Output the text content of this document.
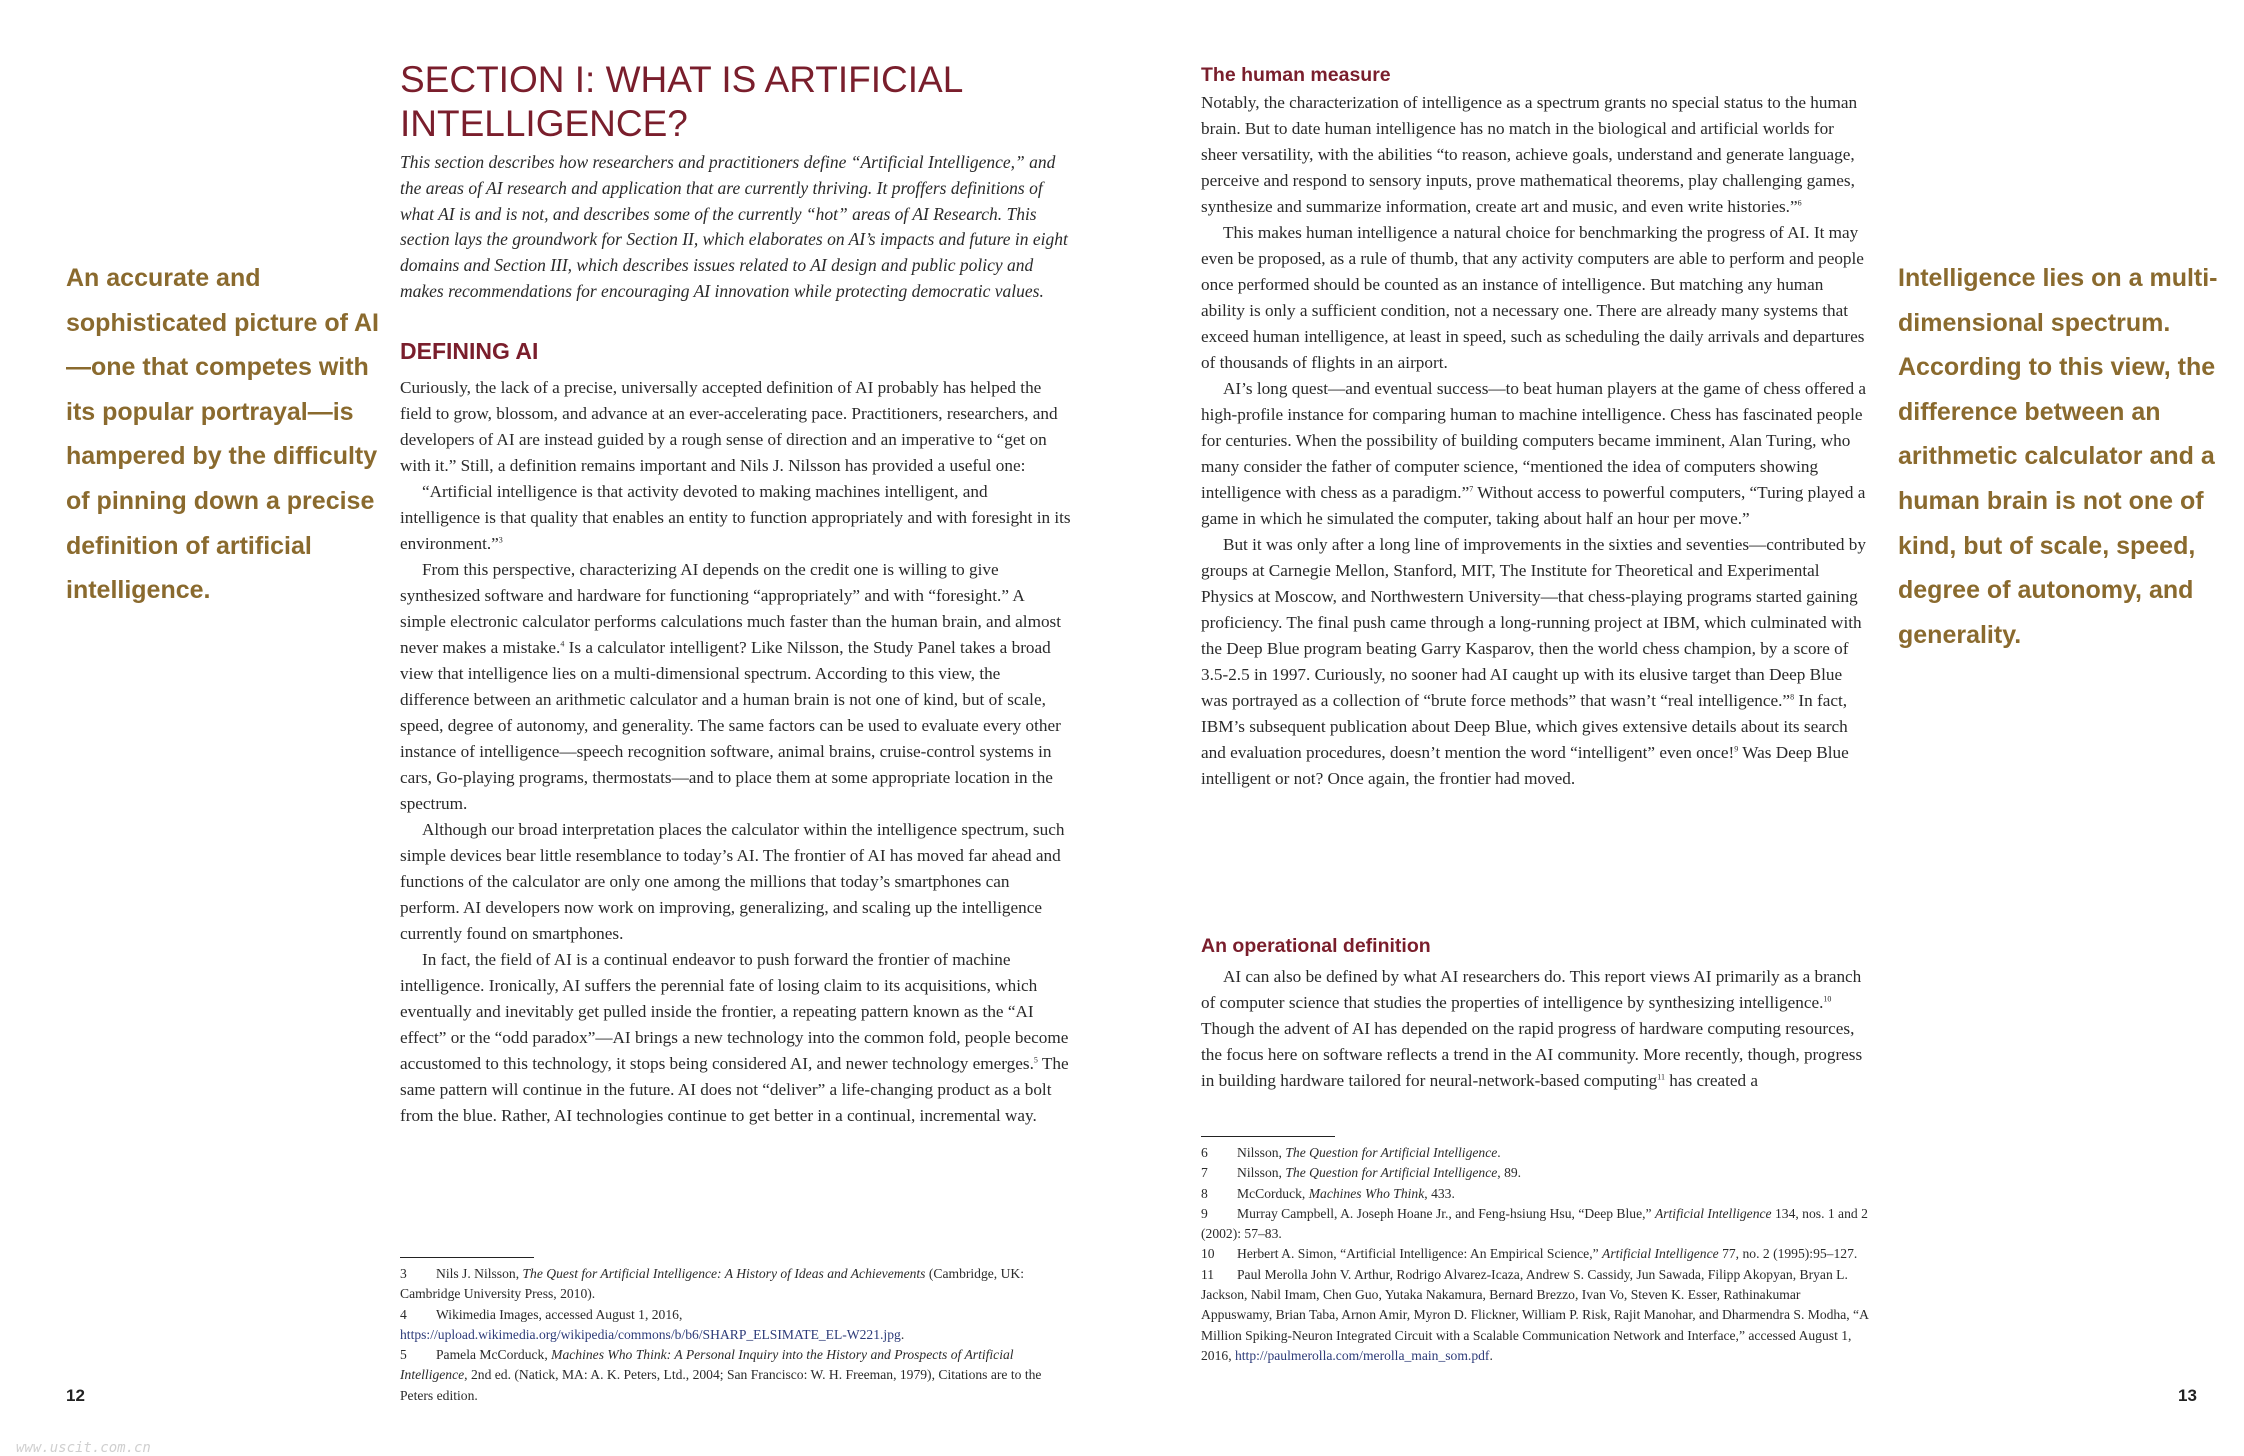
An accurate and sophisticated picture of AI—one that competes with its popular portrayal—is hampered by the difficulty of pinning down a precise definition of artificial intelligence.

SECTION I: WHAT IS ARTIFICIAL INTELLIGENCE?

This section describes how researchers and practitioners define “Artificial Intelligence,” and the areas of AI research and application that are currently thriving. It proffers definitions of what AI is and is not, and describes some of the currently “hot” areas of AI Research. This section lays the groundwork for Section II, which elaborates on AI’s impacts and future in eight domains and Section III, which describes issues related to AI design and public policy and makes recommendations for encouraging AI innovation while protecting democratic values.

DEFINING AI

Curiously, the lack of a precise, universally accepted definition of AI probably has helped the field to grow, blossom, and advance at an ever-accelerating pace. Practitioners, researchers, and developers of AI are instead guided by a rough sense of direction and an imperative to “get on with it.” Still, a definition remains important and Nils J. Nilsson has provided a useful one:

“Artificial intelligence is that activity devoted to making machines intelligent, and intelligence is that quality that enables an entity to function appropriately and with foresight in its environment.”$^3$

From this perspective, characterizing AI depends on the credit one is willing to give synthesized software and hardware for functioning “appropriately” and with “foresight.” A simple electronic calculator performs calculations much faster than the human brain, and almost never makes a mistake.$^4$ Is a calculator intelligent? Like Nilsson, the Study Panel takes a broad view that intelligence lies on a multi-dimensional spectrum. According to this view, the difference between an arithmetic calculator and a human brain is not one of kind, but of scale, speed, degree of autonomy, and generality. The same factors can be used to evaluate every other instance of intelligence—speech recognition software, animal brains, cruise-control systems in cars, Go-playing programs, thermostats—and to place them at some appropriate location in the spectrum.

Although our broad interpretation places the calculator within the intelligence spectrum, such simple devices bear little resemblance to today’s AI. The frontier of AI has moved far ahead and functions of the calculator are only one among the millions that today’s smartphones can perform. AI developers now work on improving, generalizing, and scaling up the intelligence currently found on smartphones.

In fact, the field of AI is a continual endeavor to push forward the frontier of machine intelligence. Ironically, AI suffers the perennial fate of losing claim to its acquisitions, which eventually and inevitably get pulled inside the frontier, a repeating pattern known as the “AI effect” or the “odd paradox”—AI brings a new technology into the common fold, people become accustomed to this technology, it stops being considered AI, and newer technology emerges.$^5$ The same pattern will continue in the future. AI does not “deliver” a life-changing product as a bolt from the blue. Rather, AI technologies continue to get better in a continual, incremental way.

3 Nils J. Nilsson, The Quest for Artificial Intelligence: A History of Ideas and Achievements (Cambridge, UK: Cambridge University Press, 2010).

4 Wikimedia Images, accessed August 1, 2016, https://upload.wikimedia.org/wikipedia/commons/b/b6/SHARP_ELSIMATE_EL-W221.jpg.

5 Pamela McCorduck, Machines Who Think: A Personal Inquiry into the History and Prospects of Artificial Intelligence, 2nd ed. (Natick, MA: A. K. Peters, Ltd., 2004; San Francisco: W. H. Freeman, 1979), Citations are to the Peters edition.

12
www.uscit.com.cn
The human measure

Notably, the characterization of intelligence as a spectrum grants no special status to the human brain. But to date human intelligence has no match in the biological and artificial worlds for sheer versatility, with the abilities “to reason, achieve goals, understand and generate language, perceive and respond to sensory inputs, prove mathematical theorems, play challenging games, synthesize and summarize information, create art and music, and even write histories.”$^6$

This makes human intelligence a natural choice for benchmarking the progress of AI. It may even be proposed, as a rule of thumb, that any activity computers are able to perform and people once performed should be counted as an instance of intelligence. But matching any human ability is only a sufficient condition, not a necessary one. There are already many systems that exceed human intelligence, at least in speed, such as scheduling the daily arrivals and departures of thousands of flights in an airport.

AI’s long quest—and eventual success—to beat human players at the game of chess offered a high-profile instance for comparing human to machine intelligence. Chess has fascinated people for centuries. When the possibility of building computers became imminent, Alan Turing, who many consider the father of computer science, “mentioned the idea of computers showing intelligence with chess as a paradigm.”$^7$ Without access to powerful computers, “Turing played a game in which he simulated the computer, taking about half an hour per move.”

But it was only after a long line of improvements in the sixties and seventies—contributed by groups at Carnegie Mellon, Stanford, MIT, The Institute for Theoretical and Experimental Physics at Moscow, and Northwestern University—that chess-playing programs started gaining proficiency. The final push came through a long-running project at IBM, which culminated with the Deep Blue program beating Garry Kasparov, then the world chess champion, by a score of 3.5-2.5 in 1997. Curiously, no sooner had AI caught up with its elusive target than Deep Blue was portrayed as a collection of “brute force methods” that wasn’t “real intelligence.”$^8$ In fact, IBM’s subsequent publication about Deep Blue, which gives extensive details about its search and evaluation procedures, doesn’t mention the word “intelligent” even once!$^9$ Was Deep Blue intelligent or not? Once again, the frontier had moved.

An operational definition

AI can also be defined by what AI researchers do. This report views AI primarily as a branch of computer science that studies the properties of intelligence by synthesizing intelligence.$^{10}$ Though the advent of AI has depended on the rapid progress of hardware computing resources, the focus here on software reflects a trend in the AI community. More recently, though, progress in building hardware tailored for neural-network-based computing$^{11}$ has created a

6 Nilsson, The Question for Artificial Intelligence.

7 Nilsson, The Question for Artificial Intelligence, 89.

8 McCorduck, Machines Who Think, 433.

9 Murray Campbell, A. Joseph Hoane Jr., and Feng-hsiung Hsu, “Deep Blue,” Artificial Intelligence 134, nos. 1 and 2 (2002): 57–83.

10 Herbert A. Simon, “Artificial Intelligence: An Empirical Science,” Artificial Intelligence 77, no. 2 (1995):95–127.

11 Paul Merolla John V. Arthur, Rodrigo Alvarez-Icaza, Andrew S. Cassidy, Jun Sawada, Filipp Akopyan, Bryan L. Jackson, Nabil Imam, Chen Guo, Yutaka Nakamura, Bernard Brezzo, Ivan Vo, Steven K. Esser, Rathinakumar Appuswamy, Brian Taba, Arnon Amir, Myron D. Flickner, William P. Risk, Rajit Manohar, and Dharmendra S. Modha, “A Million Spiking-Neuron Integrated Circuit with a Scalable Communication Network and Interface,” accessed August 1, 2016, http://paulmerolla.com/merolla_main_som.pdf.

Intelligence lies on a multi-dimensional spectrum. According to this view, the difference between an arithmetic calculator and a human brain is not one of kind, but of scale, speed, degree of autonomy, and generality.

13
